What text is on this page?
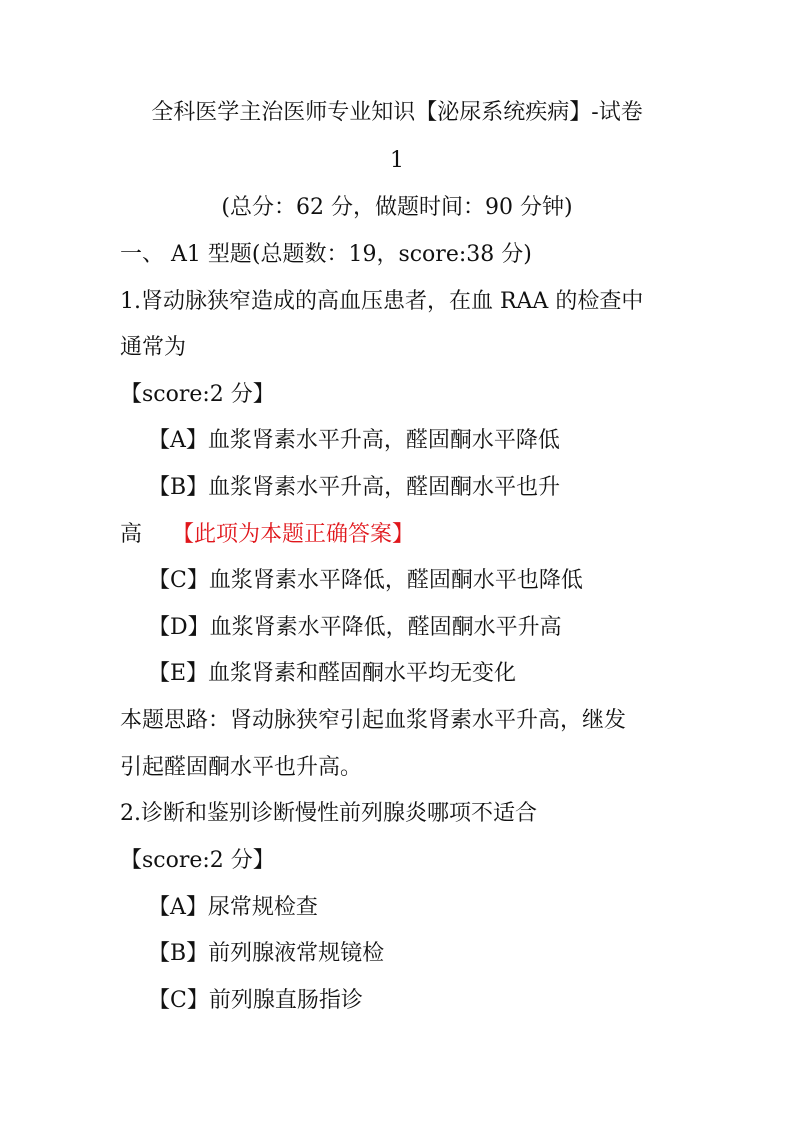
全科医学主治医师专业知识【泌尿系统疾病】-试卷
1
(总分：62 分，做题时间：90 分钟)
一、 A1 型题(总题数：19，score:38 分)
1.肾动脉狭窄造成的高血压患者，在血 RAA 的检查中
通常为
【score:2 分】
【A】血浆肾素水平升高，醛固酮水平降低
【B】血浆肾素水平升高，醛固酮水平也升
高 【此项为本题正确答案】
【C】血浆肾素水平降低，醛固酮水平也降低
【D】血浆肾素水平降低，醛固酮水平升高
【E】血浆肾素和醛固酮水平均无变化
本题思路：肾动脉狭窄引起血浆肾素水平升高，继发
引起醛固酮水平也升高。
2.诊断和鉴别诊断慢性前列腺炎哪项不适合
【score:2 分】
【A】尿常规检查
【B】前列腺液常规镜检
【C】前列腺直肠指诊
